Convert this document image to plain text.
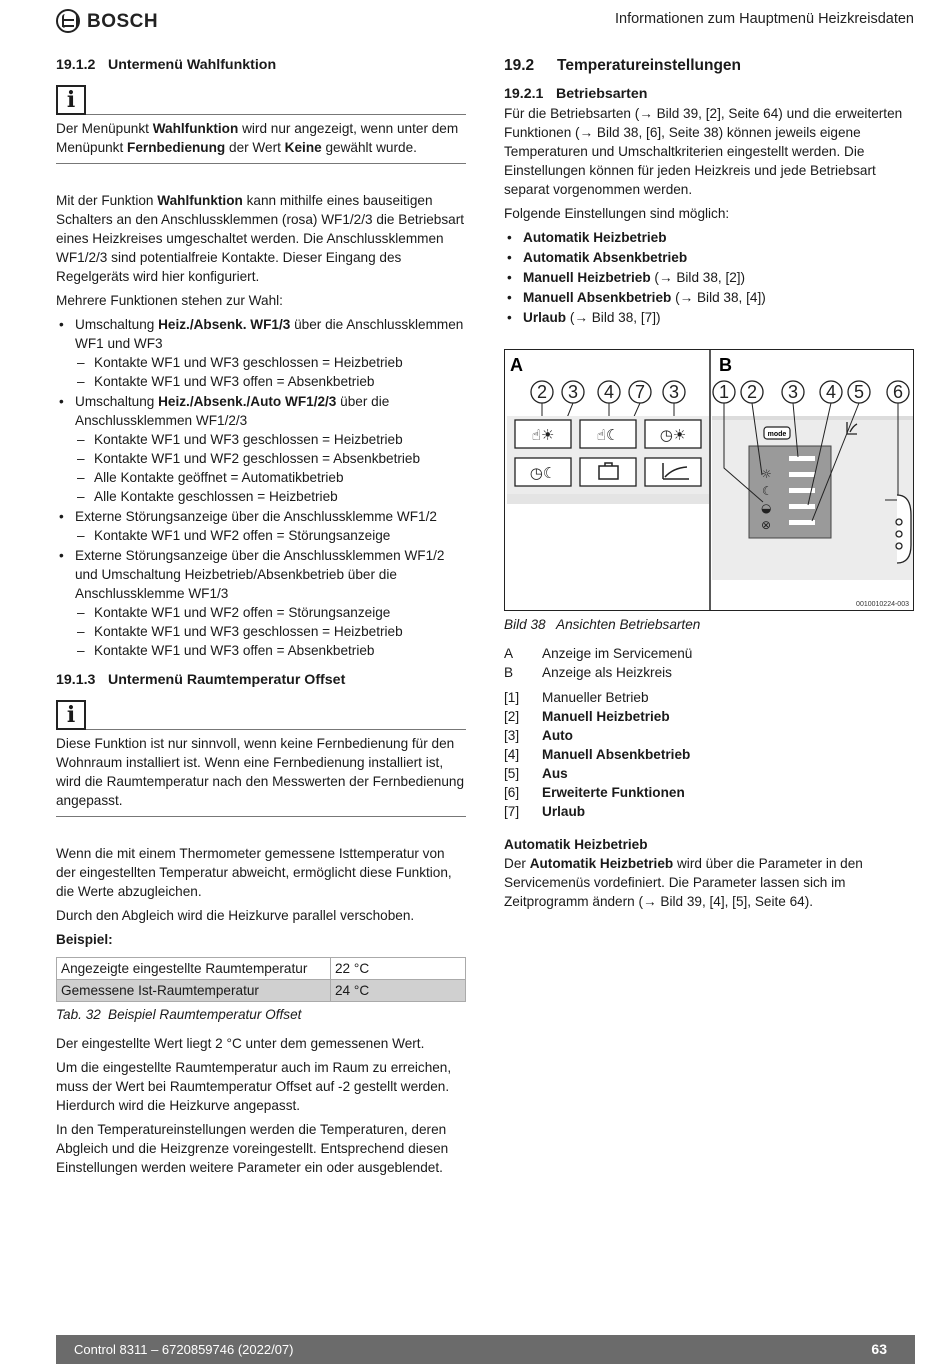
BOSCH	Informationen zum Hauptmenü Heizkreisdaten
19.1.2 Untermenü Wahlfunktion
i
Der Menüpunkt Wahlfunktion wird nur angezeigt, wenn unter dem Menüpunkt Fernbedienung der Wert Keine gewählt wurde.

Mit der Funktion Wahlfunktion kann mithilfe eines bauseitigen Schalters an den Anschlussklemmen (rosa) WF1/2/3 die Betriebsart eines Heizkreises umgeschaltet werden. Die Anschlussklemmen WF1/2/3 sind potentialfreie Kontakte. Dieser Eingang des Regelgeräts wird hier konfiguriert.

Mehrere Funktionen stehen zur Wahl:

• Umschaltung Heiz./Absenk. WF1/3 über die Anschlussklemmen WF1 und WF3
– Kontakte WF1 und WF3 geschlossen = Heizbetrieb
– Kontakte WF1 und WF3 offen = Absenkbetrieb
• Umschaltung Heiz./Absenk./Auto WF1/2/3 über die Anschlussklemmen WF1/2/3
– Kontakte WF1 und WF3 geschlossen = Heizbetrieb
– Kontakte WF1 und WF2 geschlossen = Absenkbetrieb
– Alle Kontakte geöffnet = Automatikbetrieb
– Alle Kontakte geschlossen = Heizbetrieb
• Externe Störungsanzeige über die Anschlussklemme WF1/2
– Kontakte WF1 und WF2 offen = Störungsanzeige
• Externe Störungsanzeige über die Anschlussklemmen WF1/2 und Umschaltung Heizbetrieb/Absenkbetrieb über die Anschlussklemme WF1/3
– Kontakte WF1 und WF2 offen = Störungsanzeige
– Kontakte WF1 und WF3 geschlossen = Heizbetrieb
– Kontakte WF1 und WF3 offen = Absenkbetrieb
19.1.3 Untermenü Raumtemperatur Offset
i
Diese Funktion ist nur sinnvoll, wenn keine Fernbedienung für den Wohnraum installiert ist. Wenn eine Fernbedienung installiert ist, wird die Raumtemperatur nach den Messwerten der Fernbedienung angepasst.

Wenn die mit einem Thermometer gemessene Isttemperatur von der eingestellten Temperatur abweicht, ermöglicht diese Funktion, die Werte abzugleichen.

Durch den Abgleich wird die Heizkurve parallel verschoben.

Beispiel:

Angezeigte eingestellte Raumtemperatur	22 °C
Gemessene Ist-Raumtemperatur	24 °C
Tab. 32 Beispiel Raumtemperatur Offset

Der eingestellte Wert liegt 2 °C unter dem gemessenen Wert.

Um die eingestellte Raumtemperatur auch im Raum zu erreichen, muss der Wert bei Raumtemperatur Offset auf -2 gestellt werden. Hierdurch wird die Heizkurve angepasst.

In den Temperatureinstellungen werden die Temperaturen, deren Abgleich und die Heizgrenze voreingestellt. Entsprechend diesen Einstellungen werden weitere Parameter ein oder ausgeblendet.

19.2 Temperatureinstellungen
19.2.1 Betriebsarten

Für die Betriebsarten (→ Bild 39, [2], Seite 64) und die erweiterten Funktionen (→ Bild 38, [6], Seite 38) können jeweils eigene Temperaturen und Umschaltkriterien eingestellt werden. Die Einstellungen können für jeden Heizkreis und jede Betriebsart separat vorgenommen werden.

Folgende Einstellungen sind möglich:

• Automatik Heizbetrieb
• Automatik Absenkbetrieb
• Manuell Heizbetrieb (→ Bild 38, [2])
• Manuell Absenkbetrieb (→ Bild 38, [4])
• Urlaub (→ Bild 38, [7])
A	B
2 3 4 7 3
☝☀	☝☾	◷☀
◷☾
1 2 3 4 5 6
mode
☼
☾
◒
⊗
0010010224-003
Bild 38 Ansichten Betriebsarten
A	Anzeige im Servicemenü
B	Anzeige als Heizkreis
[1]	Manueller Betrieb
[2]	Manuell Heizbetrieb
[3]	Auto
[4]	Manuell Absenkbetrieb
[5]	Aus
[6]	Erweiterte Funktionen
[7]	Urlaub
Automatik Heizbetrieb

Der Automatik Heizbetrieb wird über die Parameter in den Servicemenüs vordefiniert. Die Parameter lassen sich im Zeitprogramm ändern (→ Bild 39, [4], [5], Seite 64).

Control 8311 – 6720859746 (2022/07)	63
